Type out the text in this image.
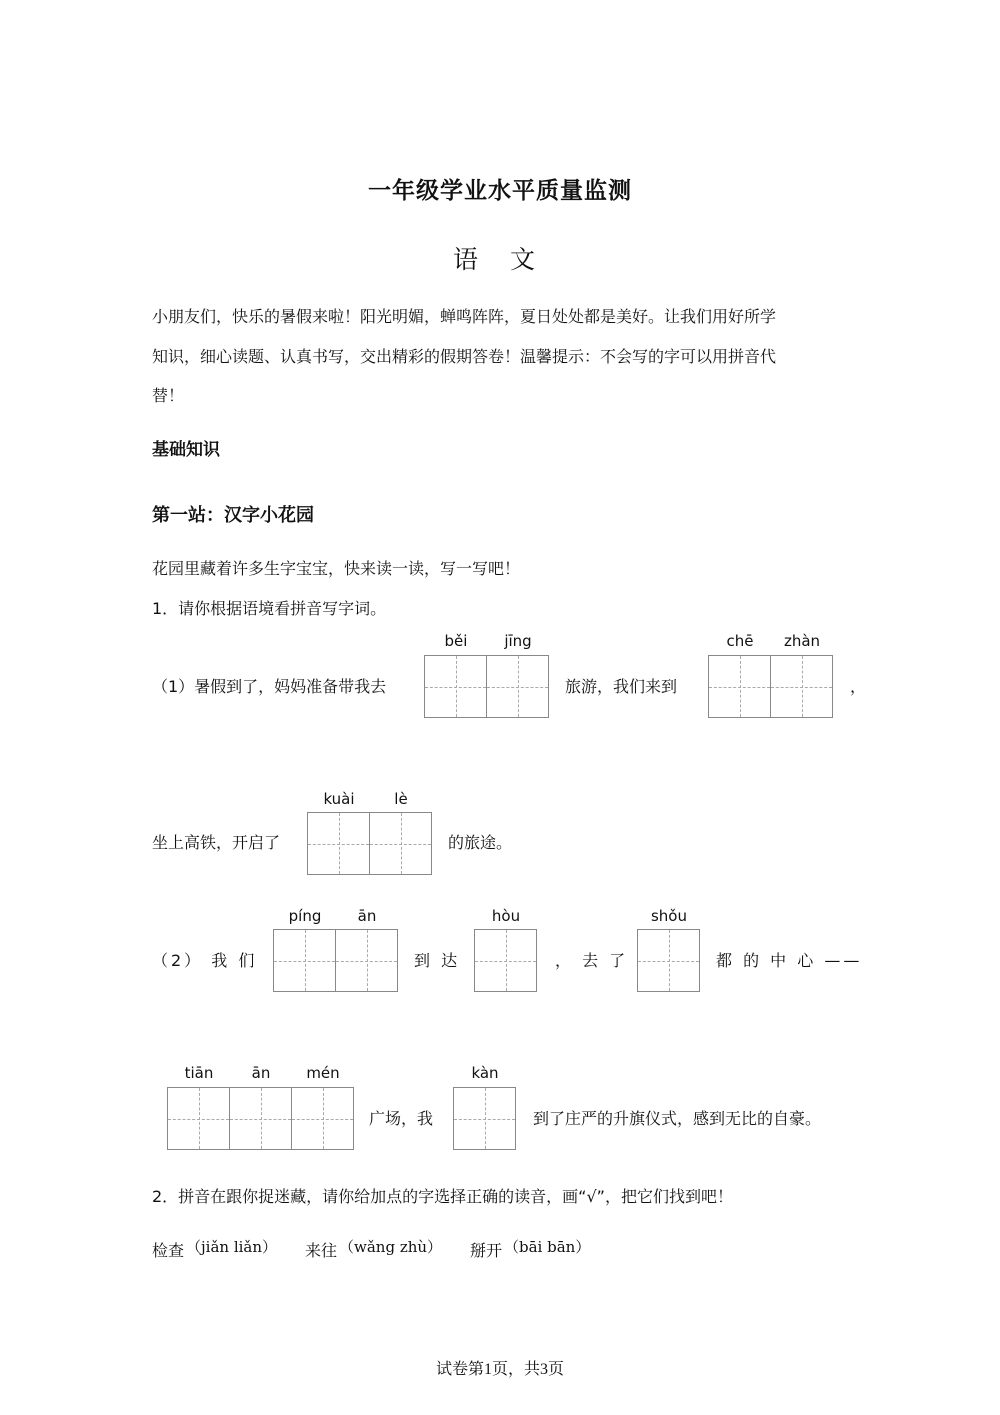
一年级学业水平质量监测
语 文
小朋友们，快乐的暑假来啦！阳光明媚，蝉鸣阵阵，夏日处处都是美好。让我们用好所学
知识，细心读题、认真书写，交出精彩的假期答卷！温馨提示：不会写的字可以用拼音代
替！
基础知识
第一站：汉字小花园
花园里藏着许多生字宝宝，快来读一读，写一写吧！
1．请你根据语境看拼音写字词。
běi	jīng	chē	zhàn
（1）暑假到了，妈妈准备带我去	旅游，我们来到	，
kuài	lè
坐上高铁，开启了	的旅途。
píng	ān	hòu	shǒu
（2） 我 们	到 达	， 去 了	都 的 中 心 ——
tiān	ān	mén	kàn
广场，我	到了庄严的升旗仪式，感到无比的自豪。
2．拼音在跟你捉迷藏，请你给加点的字选择正确的读音，画“√”，把它们找到吧！
检查 （jiǎn liǎn） 来往 （wǎng zhù） 掰开 （bāi bān）
试卷第1页，共3页
